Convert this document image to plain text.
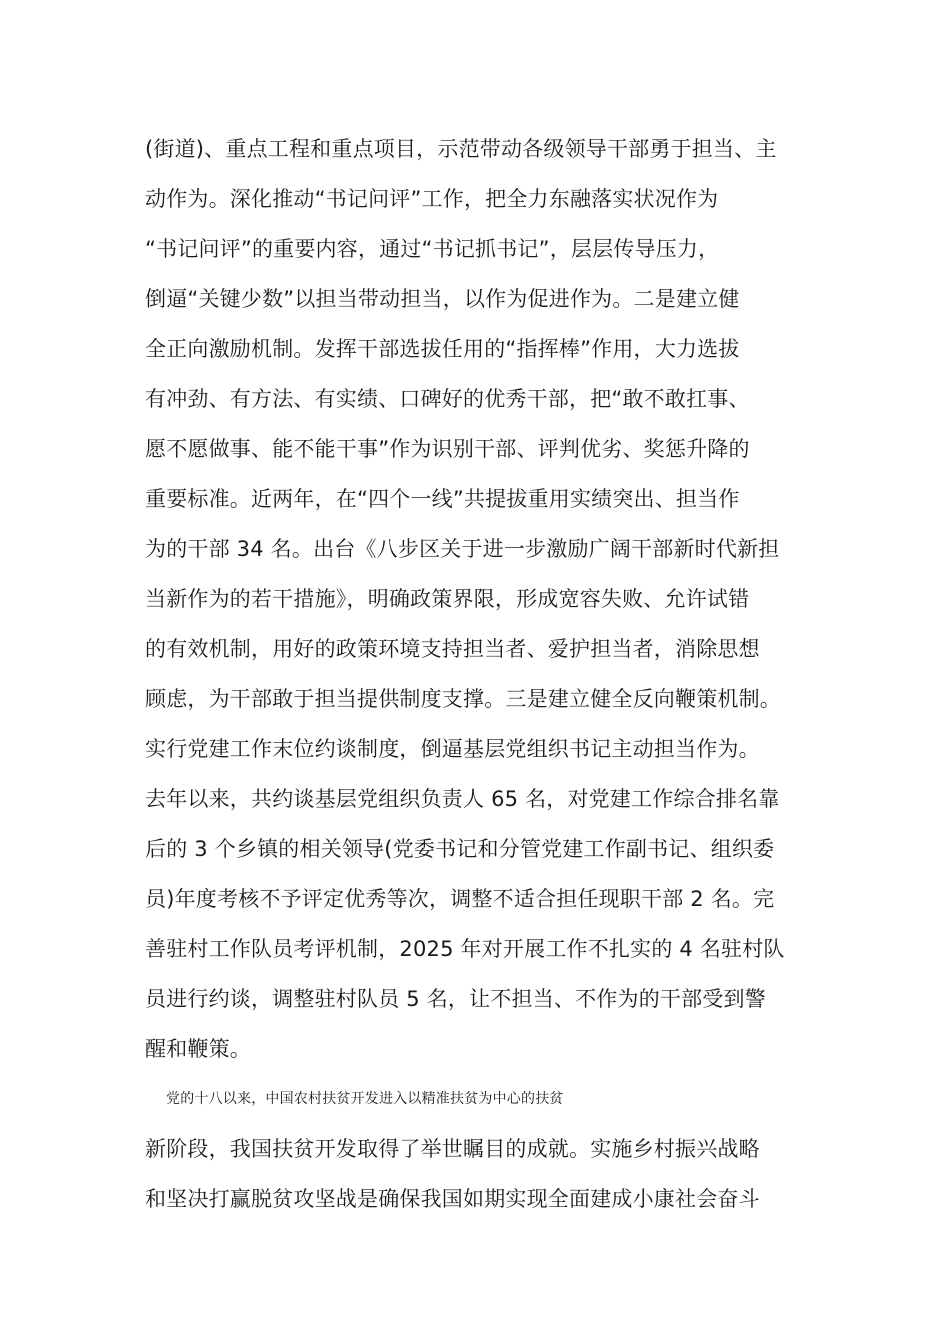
(街道)、重点工程和重点项目，示范带动各级领导干部勇于担当、主
动作为。深化推动“书记问评”工作，把全力东融落实状况作为
“书记问评”的重要内容，通过“书记抓书记”，层层传导压力，
倒逼“关键少数”以担当带动担当，以作为促进作为。二是建立健
全正向激励机制。发挥干部选拔任用的“指挥棒”作用，大力选拔
有冲劲、有方法、有实绩、口碑好的优秀干部，把“敢不敢扛事、
愿不愿做事、能不能干事”作为识别干部、评判优劣、奖惩升降的
重要标准。近两年，在“四个一线”共提拔重用实绩突出、担当作
为的干部 34 名。出台《八步区关于进一步激励广阔干部新时代新担
当新作为的若干措施》，明确政策界限，形成宽容失败、允许试错
的有效机制，用好的政策环境支持担当者、爱护担当者，消除思想
顾虑，为干部敢于担当提供制度支撑。三是建立健全反向鞭策机制。
实行党建工作末位约谈制度，倒逼基层党组织书记主动担当作为。
去年以来，共约谈基层党组织负责人 65 名，对党建工作综合排名靠
后的 3 个乡镇的相关领导(党委书记和分管党建工作副书记、组织委
员)年度考核不予评定优秀等次，调整不适合担任现职干部 2 名。完
善驻村工作队员考评机制，2025 年对开展工作不扎实的 4 名驻村队
员进行约谈，调整驻村队员 5 名，让不担当、不作为的干部受到警
醒和鞭策。
党的十八以来，中国农村扶贫开发进入以精准扶贫为中心的扶贫
新阶段，我国扶贫开发取得了举世瞩目的成就。实施乡村振兴战略
和坚决打赢脱贫攻坚战是确保我国如期实现全面建成小康社会奋斗
